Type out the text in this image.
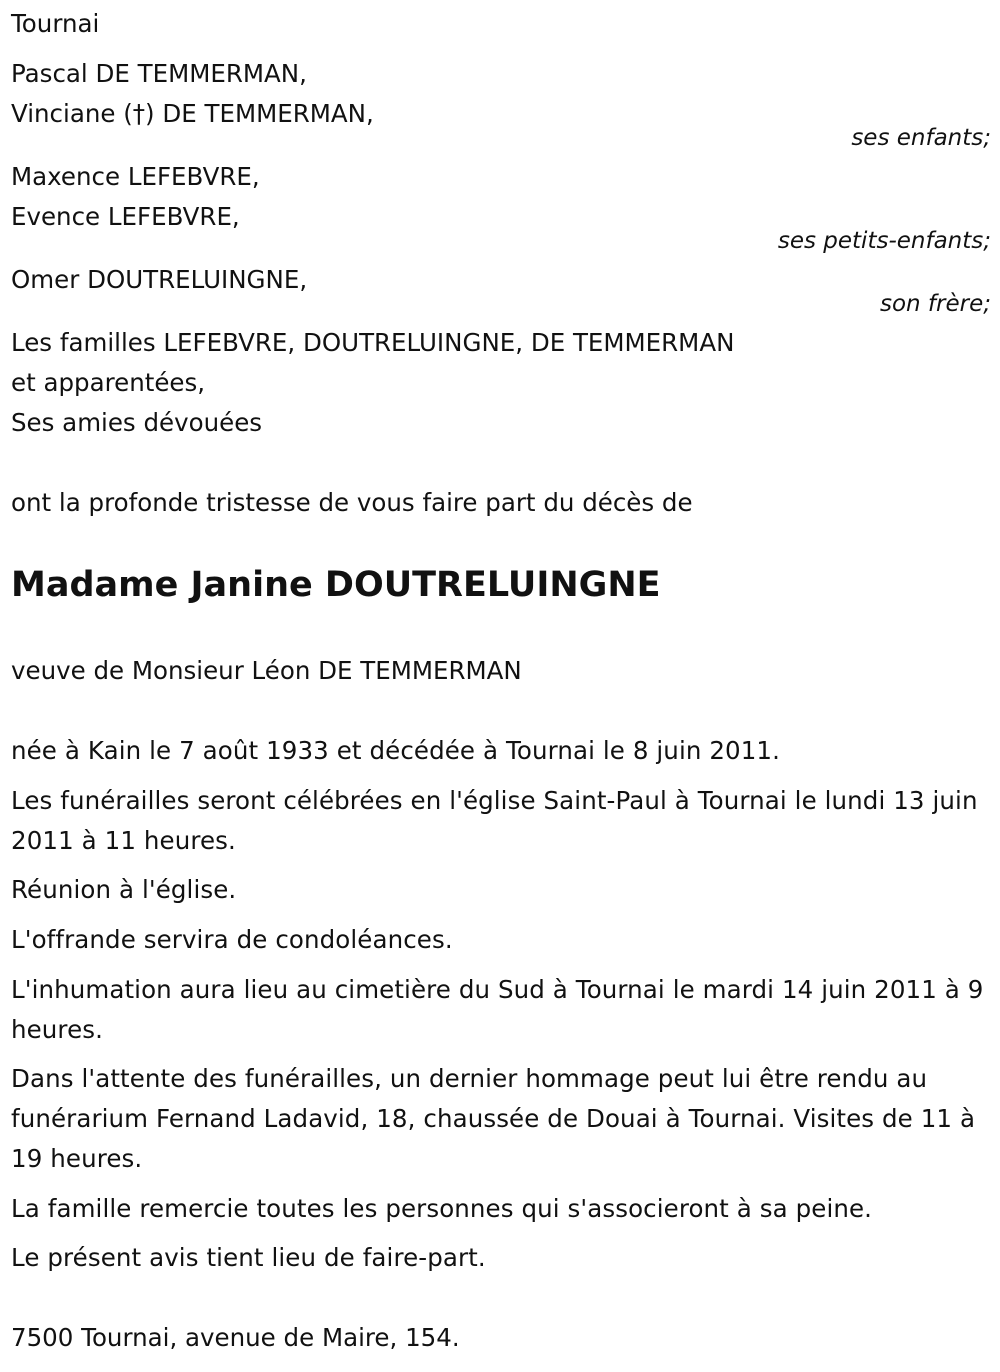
Tournai
Pascal DE TEMMERMAN,
Vinciane (†) DE TEMMERMAN,
ses enfants;
Maxence LEFEBVRE,
Evence LEFEBVRE,
ses petits-enfants;
Omer DOUTRELUINGNE,
son frère;
Les familles LEFEBVRE, DOUTRELUINGNE, DE TEMMERMAN
et apparentées,
Ses amies dévouées
ont la profonde tristesse de vous faire part du décès de
Madame Janine DOUTRELUINGNE
veuve de Monsieur Léon DE TEMMERMAN
née à Kain le 7 août 1933 et décédée à Tournai le 8 juin 2011.
Les funérailles seront célébrées en l'église Saint-Paul à Tournai le lundi 13 juin 2011 à 11 heures.
Réunion à l'église.
L'offrande servira de condoléances.
L'inhumation aura lieu au cimetière du Sud à Tournai le mardi 14 juin 2011 à 9 heures.
Dans l'attente des funérailles, un dernier hommage peut lui être rendu au funérarium Fernand Ladavid, 18, chaussée de Douai à Tournai. Visites de 11 à 19 heures.
La famille remercie toutes les personnes qui s'associeront à sa peine.
Le présent avis tient lieu de faire-part.
7500 Tournai, avenue de Maire, 154.
